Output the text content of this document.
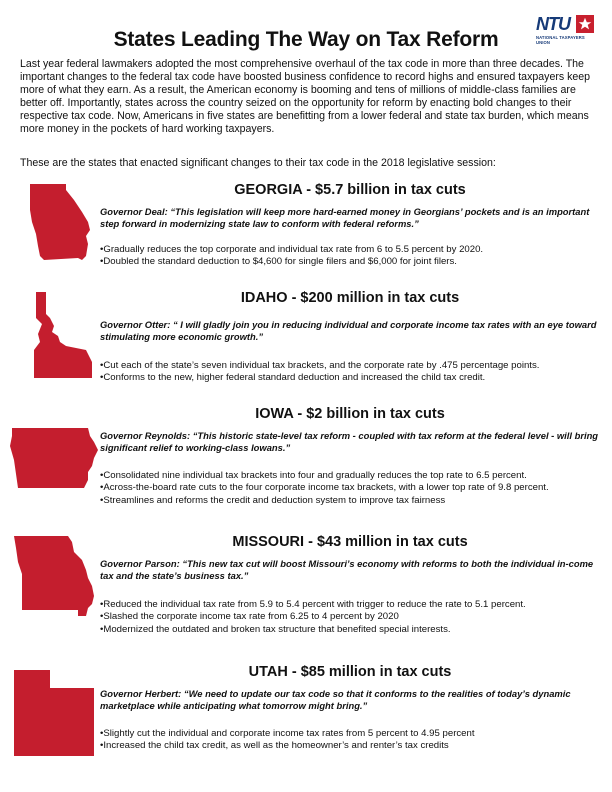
States Leading The Way on Tax Reform
NTU
NATIONAL TAXPAYERS UNION
Last year federal lawmakers adopted the most comprehensive overhaul of the tax code in more than three decades. The important changes to the federal tax code have boosted business confidence to record highs and ensured taxpayers keep more of what they earn. As a result, the American economy is booming and tens of millions of middle-class families are better off. Importantly, states across the country seized on the opportunity for reform by enacting bold changes to their respective tax code. Now, Americans in five states are benefitting from a lower federal and state tax burden, which means more money in the pockets of hard working taxpayers.
These are the states that enacted significant changes to their tax code in the 2018 legislative session:
GEORGIA - $5.7 billion in tax cuts
Governor Deal: “This legislation will keep more hard-earned money in Georgians’ pockets and is an important step forward in modernizing state law to conform with federal reforms.”
•Gradually reduces the top corporate and individual tax rate from 6 to 5.5 percent by 2020.
•Doubled the standard deduction to $4,600 for single filers and $6,000 for joint filers.
IDAHO - $200 million in tax cuts
Governor Otter: “ I will gladly join you in reducing individual and corporate income tax rates with an eye toward stimulating more economic growth.”
•Cut each of the state’s seven individual tax brackets, and the corporate rate by .475 percentage points.
•Conforms to the new, higher federal standard deduction and increased the child tax credit.
IOWA - $2 billion in tax cuts
Governor Reynolds: “This historic state-level tax reform - coupled with tax reform at the federal level - will bring significant relief to working-class Iowans.”
•Consolidated nine individual tax brackets into four and gradually reduces the top rate to 6.5 percent.
•Across-the-board rate cuts to the four corporate income tax brackets, with a lower top rate of 9.8 percent.
•Streamlines and reforms the credit and deduction system to improve tax fairness
MISSOURI - $43 million in tax cuts
Governor Parson: “This new tax cut will boost Missouri’s economy with reforms to both the individual in-come tax and the state’s business tax.”
•Reduced the individual tax rate from 5.9 to 5.4 percent with trigger to reduce the rate to 5.1 percent.
•Slashed the corporate income tax rate from 6.25 to 4 percent by 2020
•Modernized the outdated and broken tax structure that benefited special interests.
UTAH - $85 million in tax cuts
Governor Herbert: “We need to update our tax code so that it conforms to the realities of today’s dynamic marketplace while anticipating what tomorrow might bring.”
•Slightly cut the individual and corporate income tax rates from 5 percent to 4.95 percent
•Increased the child tax credit, as well as the homeowner’s and renter’s tax credits
